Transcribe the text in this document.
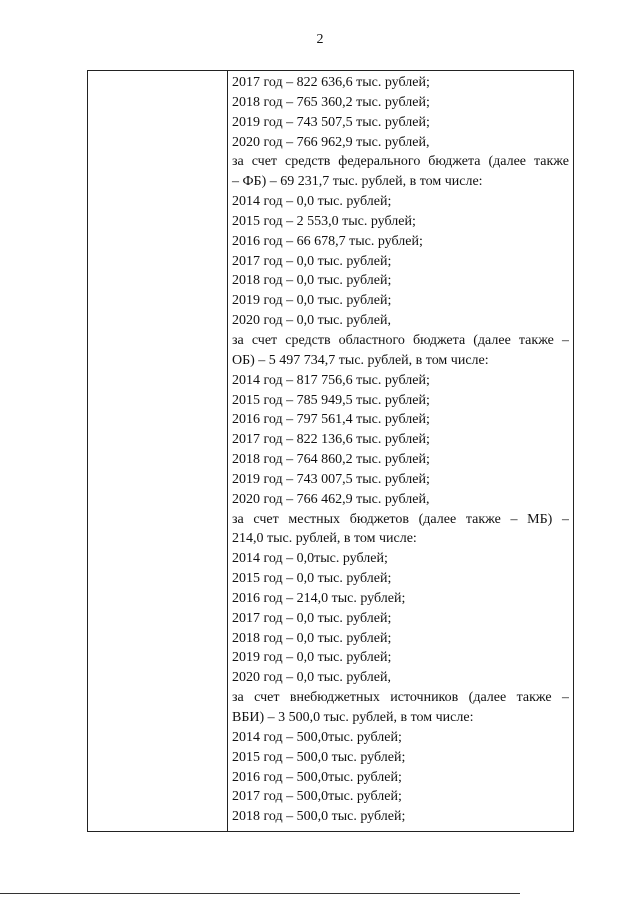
2
2017 год – 822 636,6 тыс. рублей;
2018 год – 765 360,2 тыс. рублей;
2019 год – 743 507,5 тыс. рублей;
2020 год – 766 962,9 тыс. рублей,
за счет средств федерального бюджета (далее также
– ФБ) – 69 231,7 тыс. рублей, в том числе:
2014 год – 0,0 тыс. рублей;
2015 год – 2 553,0 тыс. рублей;
2016 год – 66 678,7 тыс. рублей;
2017 год – 0,0 тыс. рублей;
2018 год – 0,0 тыс. рублей;
2019 год – 0,0 тыс. рублей;
2020 год – 0,0 тыс. рублей,
за счет средств областного бюджета (далее также –
ОБ) – 5 497 734,7 тыс. рублей, в том числе:
2014 год – 817 756,6 тыс. рублей;
2015 год – 785 949,5 тыс. рублей;
2016 год – 797 561,4 тыс. рублей;
2017 год – 822 136,6 тыс. рублей;
2018 год – 764 860,2 тыс. рублей;
2019 год – 743 007,5 тыс. рублей;
2020 год – 766 462,9 тыс. рублей,
за счет местных бюджетов (далее также – МБ) –
214,0 тыс. рублей, в том числе:
2014 год – 0,0тыс. рублей;
2015 год – 0,0 тыс. рублей;
2016 год – 214,0 тыс. рублей;
2017 год – 0,0 тыс. рублей;
2018 год – 0,0 тыс. рублей;
2019 год – 0,0 тыс. рублей;
2020 год – 0,0 тыс. рублей,
за счет внебюджетных источников (далее также –
ВБИ) – 3 500,0 тыс. рублей, в том числе:
2014 год – 500,0тыс. рублей;
2015 год – 500,0 тыс. рублей;
2016 год – 500,0тыс. рублей;
2017 год – 500,0тыс. рублей;
2018 год – 500,0 тыс. рублей;
